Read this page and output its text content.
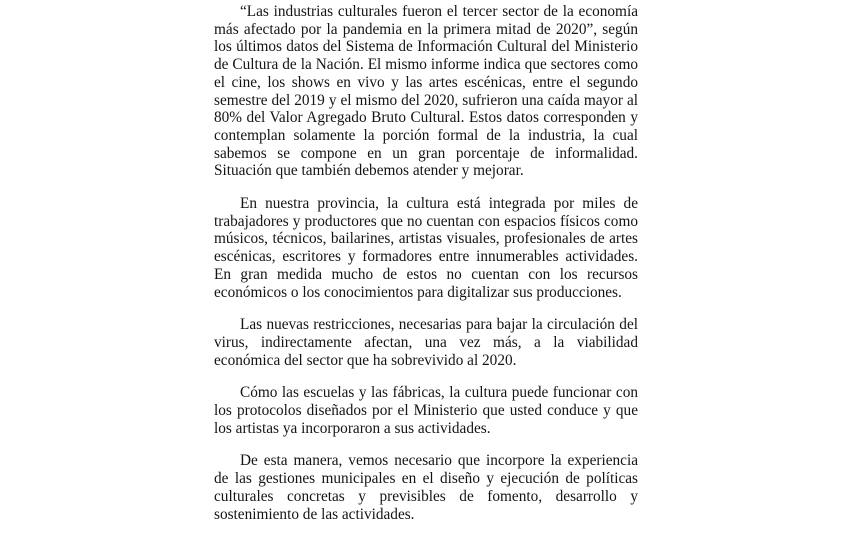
“Las industrias culturales fueron el tercer sector de la economía más afectado por la pandemia en la primera mitad de 2020”, según los últimos datos del Sistema de Información Cultural del Ministerio de Cultura de la Nación. El mismo informe indica que sectores como el cine, los shows en vivo y las artes escénicas, entre el segundo semestre del 2019 y el mismo del 2020, sufrieron una caída mayor al 80% del Valor Agregado Bruto Cultural. Estos datos corresponden y contemplan solamente la porción formal de la industria, la cual sabemos se compone en un gran porcentaje de informalidad. Situación que también debemos atender y mejorar.

En nuestra provincia, la cultura está integrada por miles de trabajadores y productores que no cuentan con espacios físicos como músicos, técnicos, bailarines, artistas visuales, profesionales de artes escénicas, escritores y formadores entre innumerables actividades. En gran medida mucho de estos no cuentan con los recursos económicos o los conocimientos para digitalizar sus producciones.

Las nuevas restricciones, necesarias para bajar la circulación del virus, indirectamente afectan, una vez más, a la viabilidad económica del sector que ha sobrevivido al 2020.

Cómo las escuelas y las fábricas, la cultura puede funcionar con los protocolos diseñados por el Ministerio que usted conduce y que los artistas ya incorporaron a sus actividades.

De esta manera, vemos necesario que incorpore la experiencia de las gestiones municipales en el diseño y ejecución de políticas culturales concretas y previsibles de fomento, desarrollo y sostenimiento de las actividades.
